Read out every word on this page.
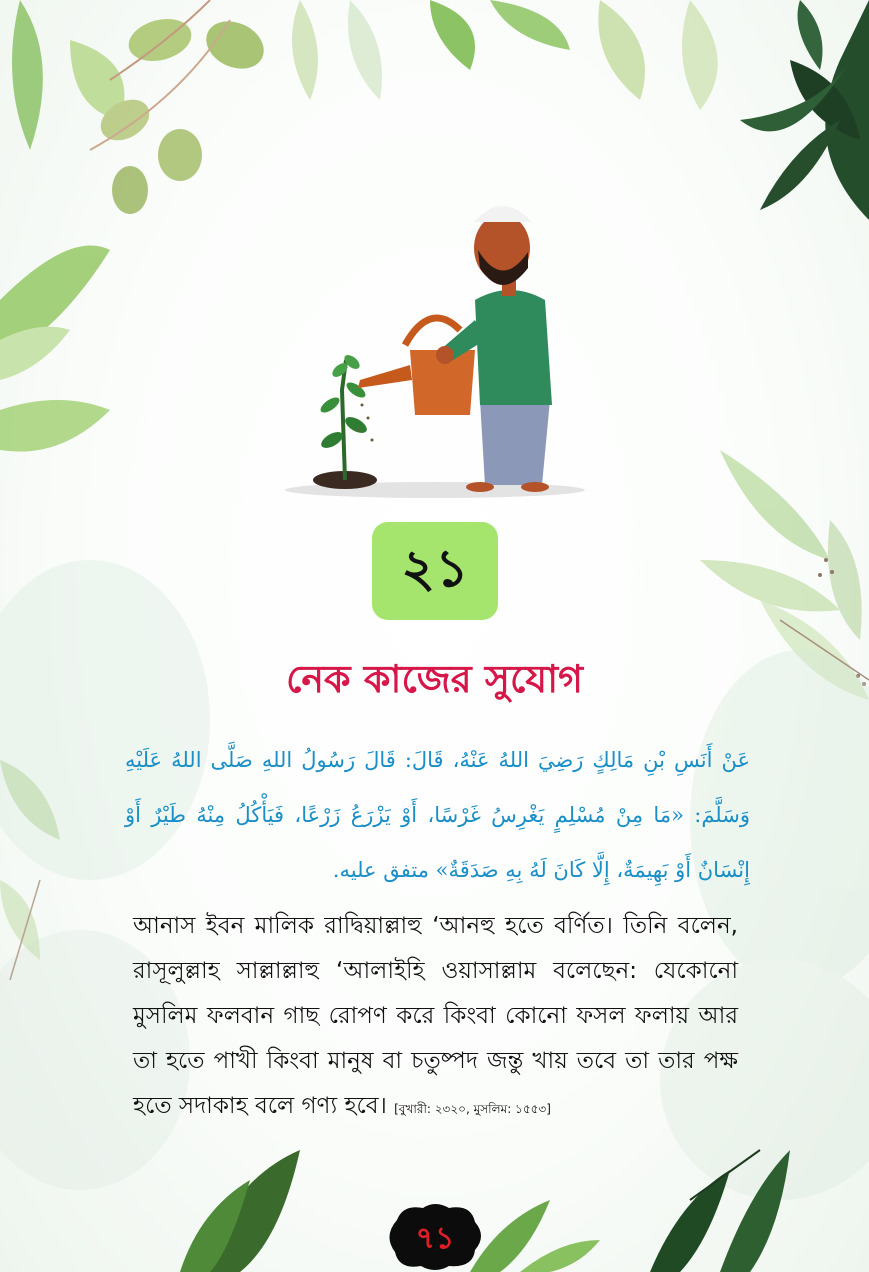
২১
নেক কাজের সুযোগ
عَنْ أَنَسِ بْنِ مَالِكٍ رَضِيَ اللهُ عَنْهُ، قَالَ: قَالَ رَسُولُ اللهِ صَلَّى اللهُ عَلَيْهِ وَسَلَّمَ: «مَا مِنْ مُسْلِمٍ يَغْرِسُ غَرْسًا، أَوْ يَزْرَعُ زَرْعًا، فَيَأْكُلُ مِنْهُ طَيْرٌ أَوْ إِنْسَانٌ أَوْ بَهِيمَةٌ، إِلَّا كَانَ لَهُ بِهِ صَدَقَةٌ» متفق عليه.
আনাস ইবন মালিক রাদ্বিয়াল্লাহু ‘আনহু হতে বর্ণিত। তিনি বলেন, রাসূলুল্লাহ সাল্লাল্লাহু ‘আলাইহি ওয়াসাল্লাম বলেছেন: যেকোনো মুসলিম ফলবান গাছ রোপণ করে কিংবা কোনো ফসল ফলায় আর তা হতে পাখী কিংবা মানুষ বা চতুষ্পদ জন্তু খায় তবে তা তার পক্ষ হতে সদাকাহ বলে গণ্য হবে। [বুখারী: ২৩২০, মুসলিম: ১৫৫৩]
৭১
